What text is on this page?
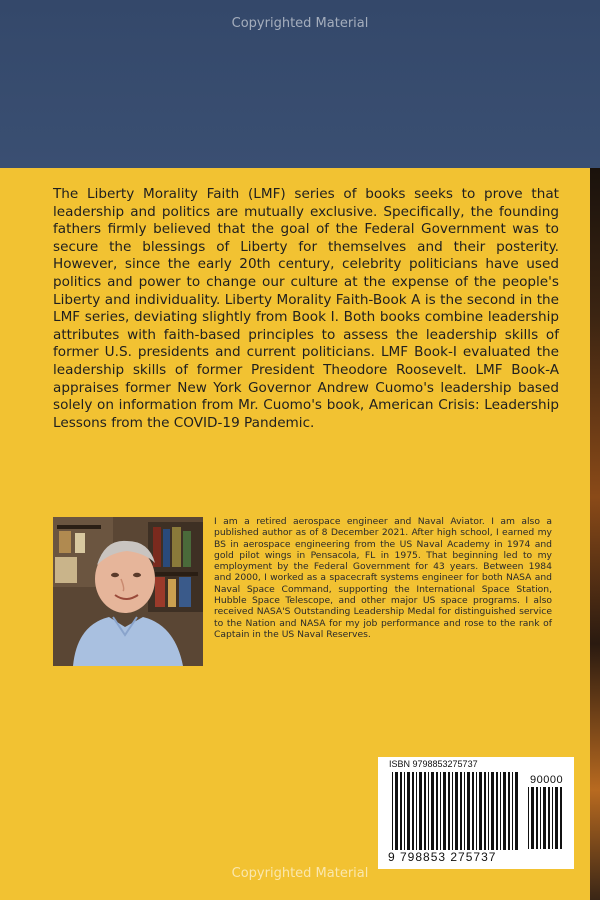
Copyrighted Material

The Liberty Morality Faith (LMF) series of books seeks to prove that leadership and politics are mutually exclusive. Specifically, the founding fathers firmly believed that the goal of the Federal Government was to secure the blessings of Liberty for themselves and their posterity. However, since the early 20th century, celebrity politicians have used politics and power to change our culture at the expense of the people's Liberty and individuality. Liberty Morality Faith-Book A is the second in the LMF series, deviating slightly from Book I. Both books combine leadership attributes with faith-based principles to assess the leadership skills of former U.S. presidents and current politicians. LMF Book-I evaluated the leadership skills of former President Theodore Roosevelt. LMF Book-A appraises former New York Governor Andrew Cuomo's leadership based solely on information from Mr. Cuomo's book, American Crisis: Leadership Lessons from the COVID-19 Pandemic.

I am a retired aerospace engineer and Naval Aviator. I am also a published author as of 8 December 2021. After high school, I earned my BS in aerospace engineering from the US Naval Academy in 1974 and gold pilot wings in Pensacola, FL in 1975. That beginning led to my employment by the Federal Government for 43 years. Between 1984 and 2000, I worked as a spacecraft systems engineer for both NASA and Naval Space Command, supporting the International Space Station, Hubble Space Telescope, and other major US space programs. I also received NASA'S Outstanding Leadership Medal for distinguished service to the Nation and NASA for my job performance and rose to the rank of Captain in the US Naval Reserves.

ISBN 9798853275737
90000
9 798853 275737
Copyrighted Material
